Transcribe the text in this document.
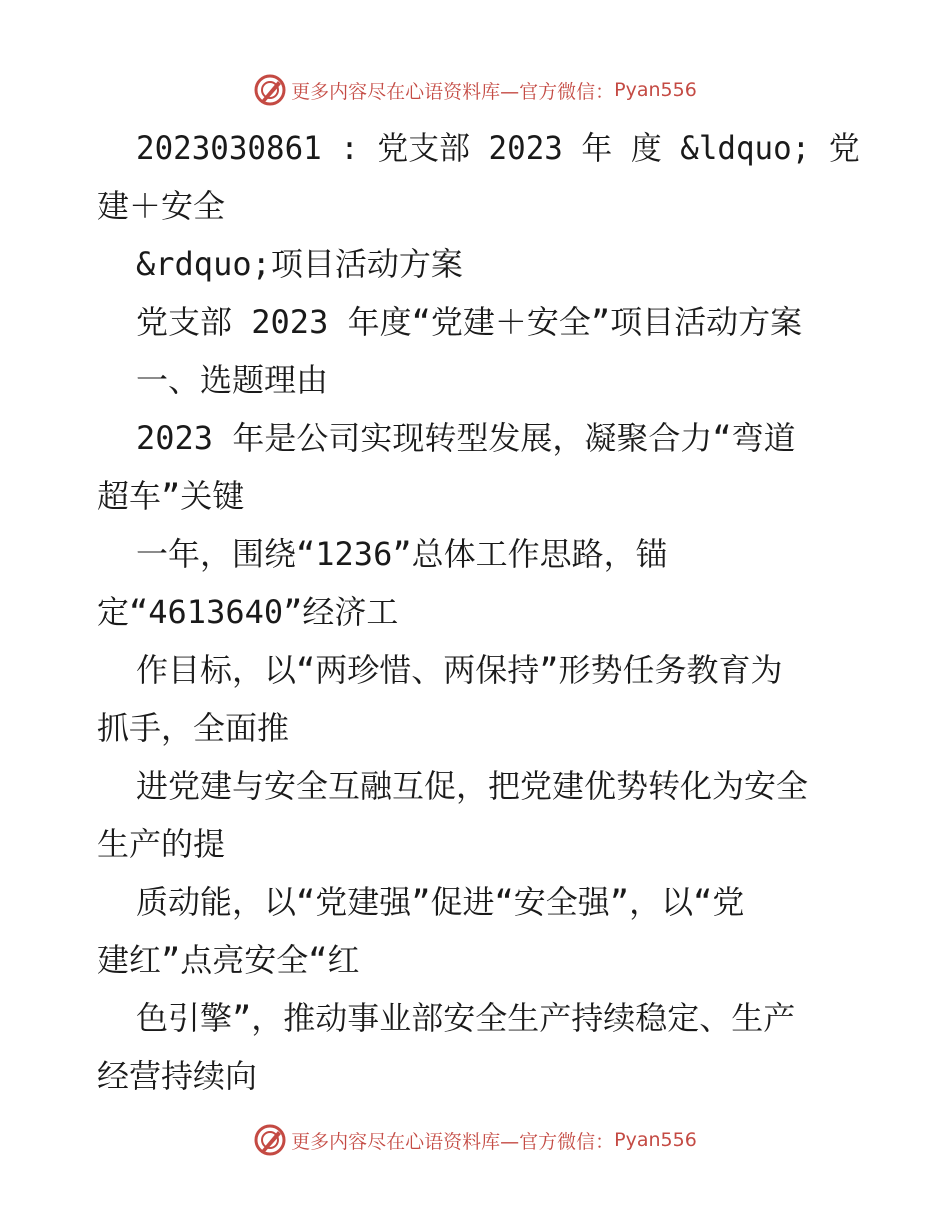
更多内容尽在心语资料库—官方微信： Pyan556
2023030861 : 党支部 2023 年 度 &ldquo; 党
建＋安全
&rdquo;项目活动方案
党支部 2023 年度“党建＋安全”项目活动方案
一、选题理由
2023 年是公司实现转型发展，凝聚合力“弯道
超车”关键
一年，围绕“1236”总体工作思路，锚
定“4613640”经济工
作目标，以“两珍惜、两保持”形势任务教育为
抓手，全面推
进党建与安全互融互促，把党建优势转化为安全
生产的提
质动能，以“党建强”促进“安全强”，以“党
建红”点亮安全“红
色引擎”，推动事业部安全生产持续稳定、生产
经营持续向
更多内容尽在心语资料库—官方微信： Pyan556
